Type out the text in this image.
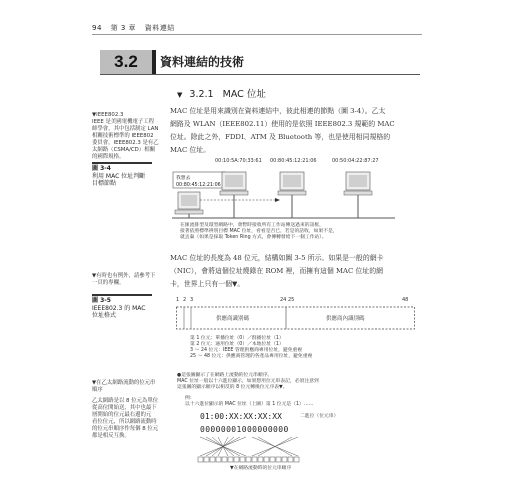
94 第 3 章 資料連結
3.2	資料連結的技術
▼ 3.2.1 MAC 位址
MAC 位址是用來識別在資料連結中，彼此相連的節點（圖 3-4）。乙太
網路及 WLAN（IEEE802.11）使用的是依照 IEEE802.3 規範的 MAC
位址。除此之外，FDDI、ATM 及 Bluetooth 等，也是使用相同規格的
MAC 位址。
▼IEEE802.3
IEEE 是美國電機電子工程
師學會，其中包括制定 LAN
相關技術標準的 IEEE802
委員會，IEEE802.3 是有乙
太網路（CSMA/CD）相關
的國際規格。
圖 3-4
利用 MAC 位址判斷
目標節點
00:10:5A:70:33:61 00:80:45:12:21:06	00:50:04:22:87:27
我想去
00:80:45:12:21:06
在匯流排型及環型網路中，會暫時接收所有工作站傳送過來的訊框，
接著依照標準辨別目標 MAC 位址，看看是否已，若是的話收，如果不是，
就丟棄（如果是採取 Token Ring 方式，會傳轉發給下一個工作站）。
MAC 位址的長度為 48 位元，結構如圖 3-5 所示。如果是一般的網卡
（NIC），會將這個位址燒錄在 ROM 裡，而擁有這個 MAC 位址的網
卡，世界上只有一個▼。
▼有時也有例外，請參考下
一頁的專欄。
圖 3-5
IEEE802.3 的 MAC
位址格式
1 2 3	24 25	48
供應商識別碼	供應商內識別碼
第 1 位元：單播位址（0）／群播位址（1）
第 2 位元：通用位址（0）／本地位址（1）
3 ～ 24 位元：IEEE 管理供應商專用位址，避免重複
25 ～ 48 位元：供應商管理的各產品專用位址，避免重複
▼在乙太網路流動的位元串
順序
乙太網路是以 8 位元為單位
從高位開始送，其中也最下
層開始的位元最右邊的元
看位位元，所以網路流動時
的位元串順序作每個 8 位元
都是相反互換。
●這張圖顯示了在網路上流動的位元串順序。
MAC 位址一般以十六進位顯示，如果想用位元串表記，必須注意到
這張圖的顯示順序以相反的 8 位元轉換位元序表▼。
例：
以十六進位顯示的 MAC 位址（上圖）第 1 位元是（1）……
01:00:XX:XX:XX:XX	二進位（位元串）
00000001000000000
▼在網路流動時的位元串順序
